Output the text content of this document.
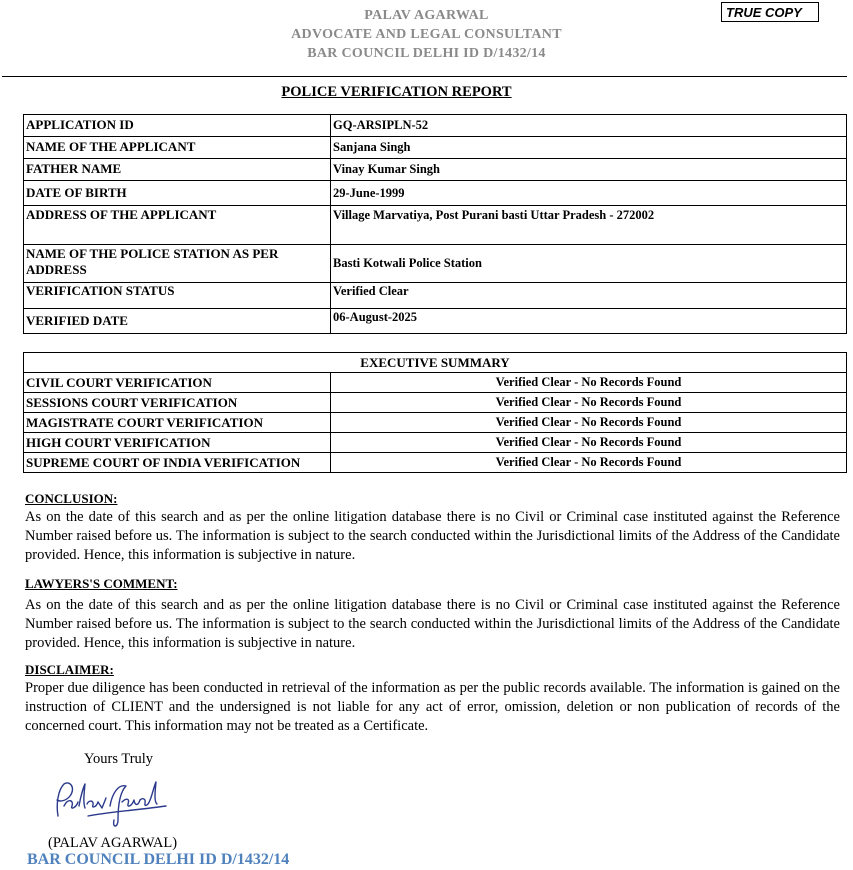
PALAV AGARWAL
ADVOCATE AND LEGAL CONSULTANT
BAR COUNCIL DELHI ID D/1432/14
TRUE COPY
POLICE VERIFICATION REPORT
APPLICATION ID	GQ-ARSIPLN-52
NAME OF THE APPLICANT	Sanjana Singh
FATHER NAME	Vinay Kumar Singh
DATE OF BIRTH	29-June-1999
ADDRESS OF THE APPLICANT	Village Marvatiya, Post Purani basti Uttar Pradesh - 272002
NAME OF THE POLICE STATION AS PER ADDRESS	Basti Kotwali Police Station
VERIFICATION STATUS	Verified Clear
VERIFIED DATE	06-August-2025
EXECUTIVE SUMMARY	
CIVIL COURT VERIFICATION	Verified Clear - No Records Found
SESSIONS COURT VERIFICATION	Verified Clear - No Records Found
MAGISTRATE COURT VERIFICATION	Verified Clear - No Records Found
HIGH COURT VERIFICATION	Verified Clear - No Records Found
SUPREME COURT OF INDIA VERIFICATION	Verified Clear - No Records Found
CONCLUSION:
As on the date of this search and as per the online litigation database there is no Civil or Criminal case instituted against the Reference Number raised before us. The information is subject to the search conducted within the Jurisdictional limits of the Address of the Candidate provided. Hence, this information is subjective in nature.
LAWYERS'S COMMENT:
As on the date of this search and as per the online litigation database there is no Civil or Criminal case instituted against the Reference Number raised before us. The information is subject to the search conducted within the Jurisdictional limits of the Address of the Candidate provided. Hence, this information is subjective in nature.
DISCLAIMER:
Proper due diligence has been conducted in retrieval of the information as per the public records available. The information is gained on the instruction of CLIENT and the undersigned is not liable for any act of error, omission, deletion or non publication of records of the concerned court. This information may not be treated as a Certificate.
Yours Truly
(PALAV AGARWAL)
BAR COUNCIL DELHI ID D/1432/14
